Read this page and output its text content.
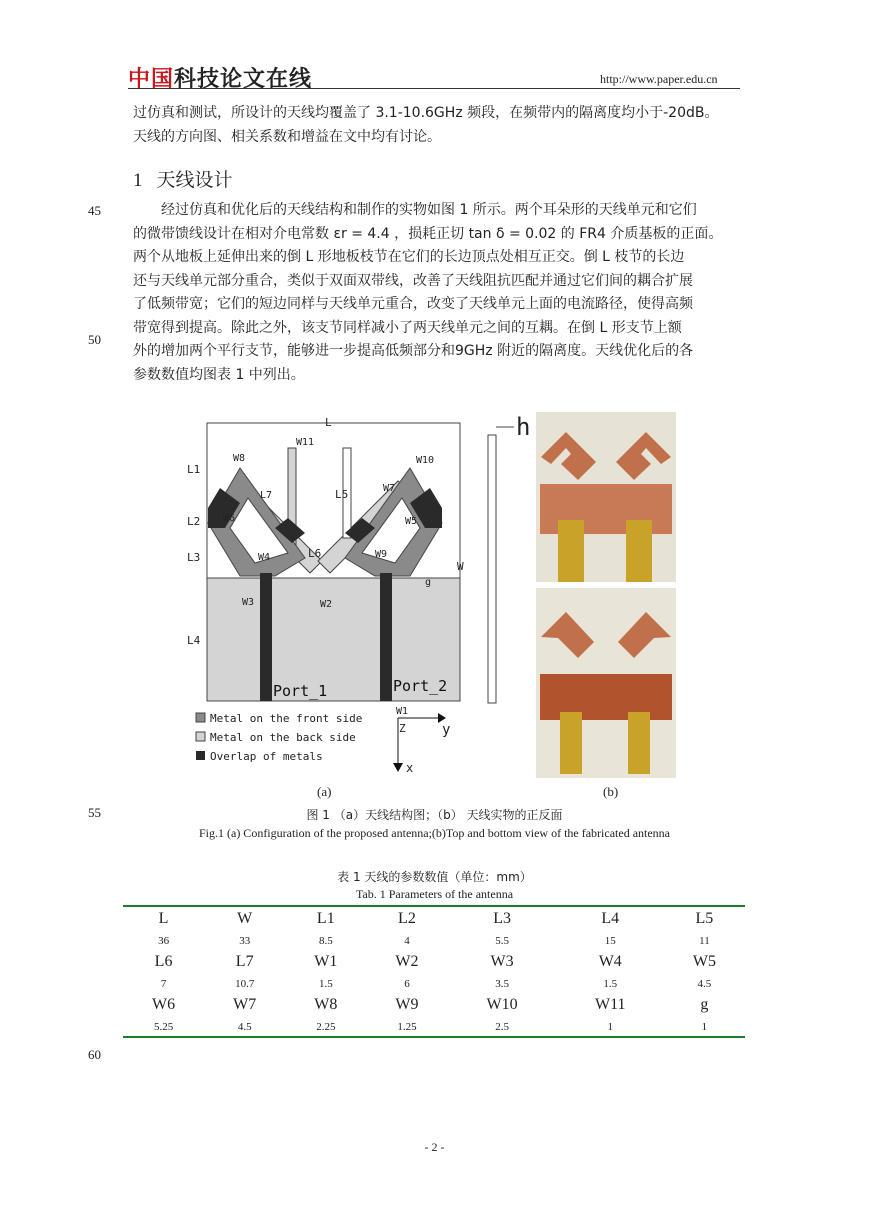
中国科技论文在线	http://www.paper.edu.cn
过仿真和测试，所设计的天线均覆盖了 3.1-10.6GHz 频段，在频带内的隔离度均小于-20dB。
天线的方向图、相关系数和增益在文中均有讨论。
1 天线设计
经过仿真和优化后的天线结构和制作的实物如图 1 所示。两个耳朵形的天线单元和它们
的微带馈线设计在相对介电常数 εr = 4.4 ，损耗正切 tan δ = 0.02 的 FR4 介质基板的正面。
两个从地板上延伸出来的倒 L 形地板枝节在它们的长边顶点处相互正交。倒 L 枝节的长边
还与天线单元部分重合，类似于双面双带线，改善了天线阻抗匹配并通过它们间的耦合扩展
了低频带宽；它们的短边同样与天线单元重合，改变了天线单元上面的电流路径，使得高频
带宽得到提高。除此之外，该支节同样减小了两天线单元之间的互耦。在倒 L 形支节上额
外的增加两个平行支节，能够进一步提高低频部分和9GHz 附近的隔离度。天线优化后的各
参数数值均图表 1 中列出。
45
50
55
60
L
W11
L1
W8	W10
L5
L7
W7
L2 W6	W5
L3	W4	L6	W9
g
W
W3	W2
L4
Port_1	Port_2
Metal on the front side
Metal on the back side
Overlap of metals
W1
y
Z
x
h
(a)	(b)
图 1 （a）天线结构图；（b） 天线实物的正反面
Fig.1 (a) Configuration of the proposed antenna;(b)Top and bottom view of the fabricated antenna
表 1 天线的参数数值（单位：mm）
Tab. 1 Parameters of the antenna
L	W	L1	L2	L3	L4	L5
36	33	8.5	4	5.5	15	11
L6	L7	W1	W2	W3	W4	W5
7	10.7	1.5	6	3.5	1.5	4.5
W6	W7	W8	W9	W10	W11	g
5.25	4.5	2.25	1.25	2.5	1	1
- 2 -
